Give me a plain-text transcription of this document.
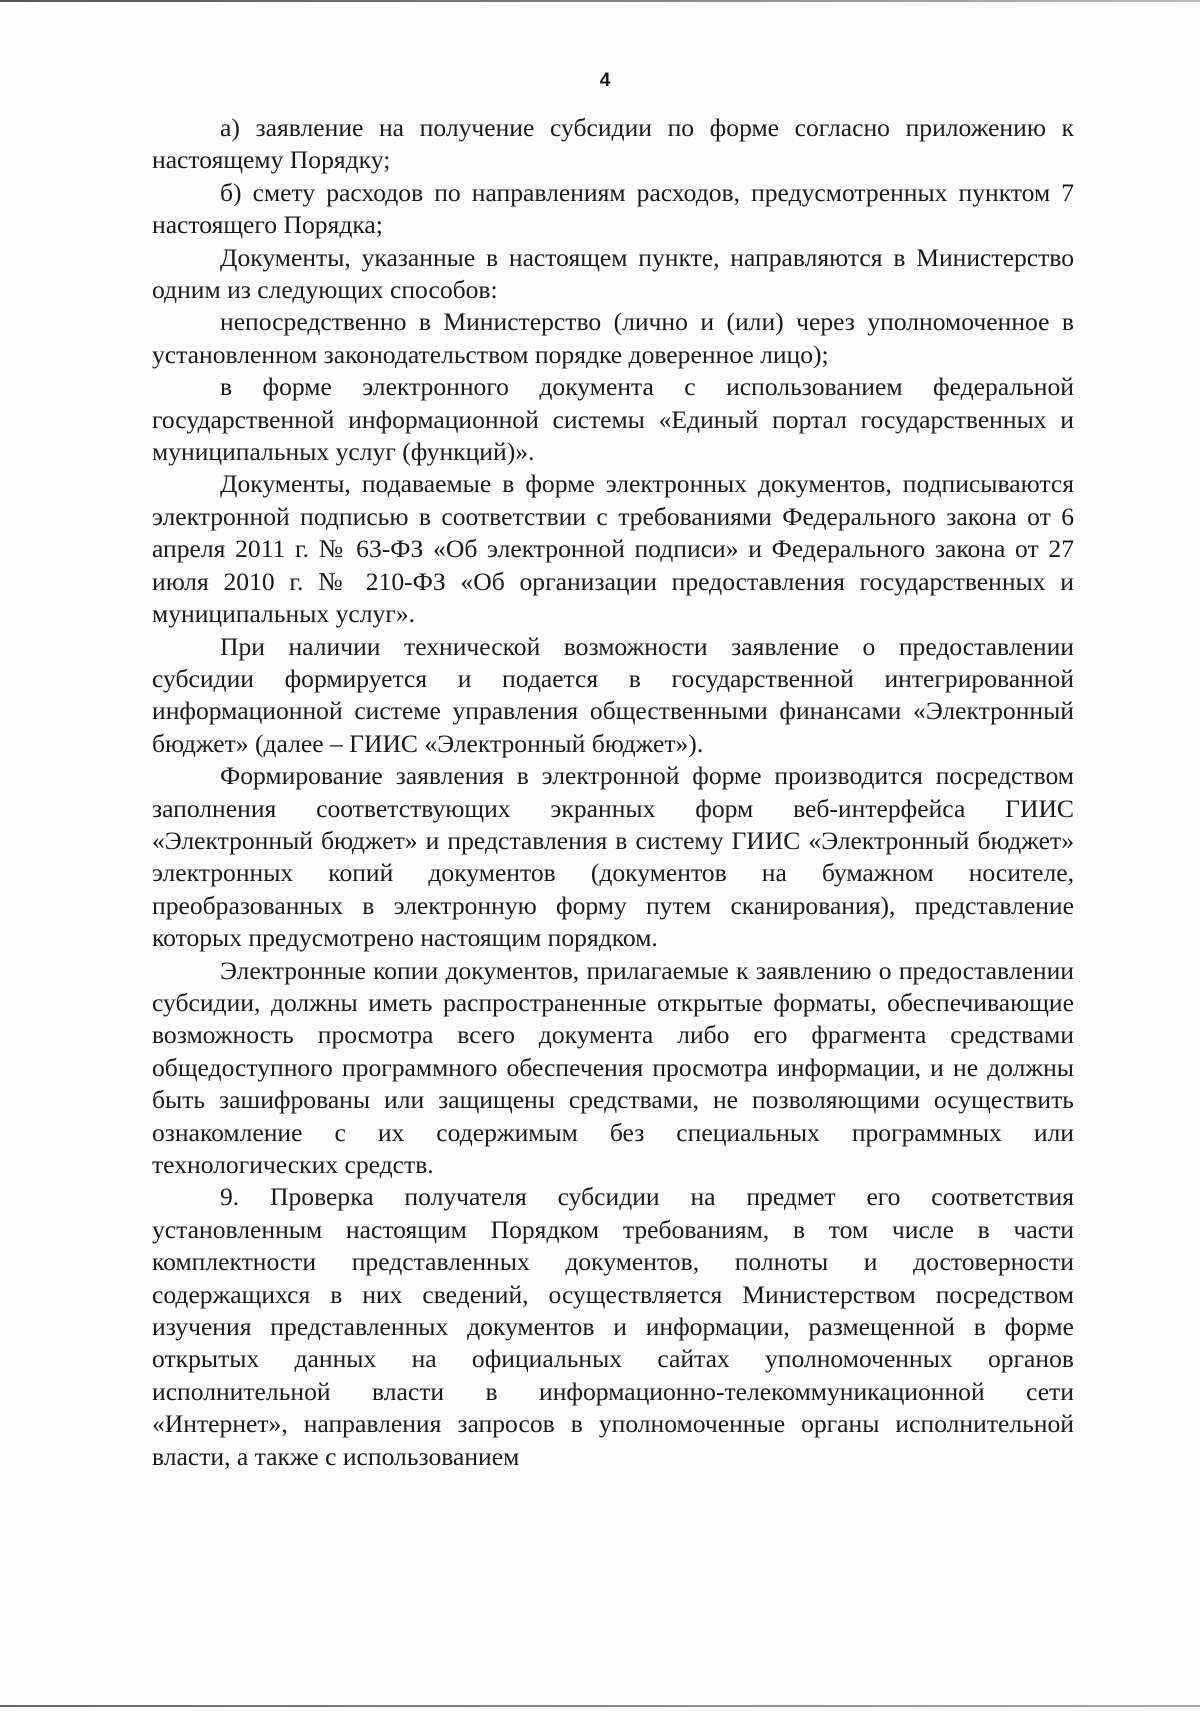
4

а) заявление на получение субсидии по форме согласно приложению к настоящему Порядку;

б) смету расходов по направлениям расходов, предусмотренных пунктом 7 настоящего Порядка;

Документы, указанные в настоящем пункте, направляются в Министерство одним из следующих способов:

непосредственно в Министерство (лично и (или) через уполномоченное в установленном законодательством порядке доверенное лицо);

в форме электронного документа с использованием федеральной государственной информационной системы «Единый портал государственных и муниципальных услуг (функций)».

Документы, подаваемые в форме электронных документов, подписываются электронной подписью в соответствии с требованиями Федерального закона от 6 апреля 2011 г. № 63-ФЗ «Об электронной подписи» и Федерального закона от 27 июля 2010 г. № 210-ФЗ «Об организации предоставления государственных и муниципальных услуг».

При наличии технической возможности заявление о предоставлении субсидии формируется и подается в государственной интегрированной информационной системе управления общественными финансами «Электронный бюджет» (далее – ГИИС «Электронный бюджет»).

Формирование заявления в электронной форме производится посредством заполнения соответствующих экранных форм веб-интерфейса ГИИС «Электронный бюджет» и представления в систему ГИИС «Электронный бюджет» электронных копий документов (документов на бумажном носителе, преобразованных в электронную форму путем сканирования), представление которых предусмотрено настоящим порядком.

Электронные копии документов, прилагаемые к заявлению о предоставлении субсидии, должны иметь распространенные открытые форматы, обеспечивающие возможность просмотра всего документа либо его фрагмента средствами общедоступного программного обеспечения просмотра информации, и не должны быть зашифрованы или защищены средствами, не позволяющими осуществить ознакомление с их содержимым без специальных программных или технологических средств.

9. Проверка получателя субсидии на предмет его соответствия установленным настоящим Порядком требованиям, в том числе в части комплектности представленных документов, полноты и достоверности содержащихся в них сведений, осуществляется Министерством посредством изучения представленных документов и информации, размещенной в форме открытых данных на официальных сайтах уполномоченных органов исполнительной власти в информационно-телекоммуникационной сети «Интернет», направления запросов в уполномоченные органы исполнительной власти, а также с использованием
